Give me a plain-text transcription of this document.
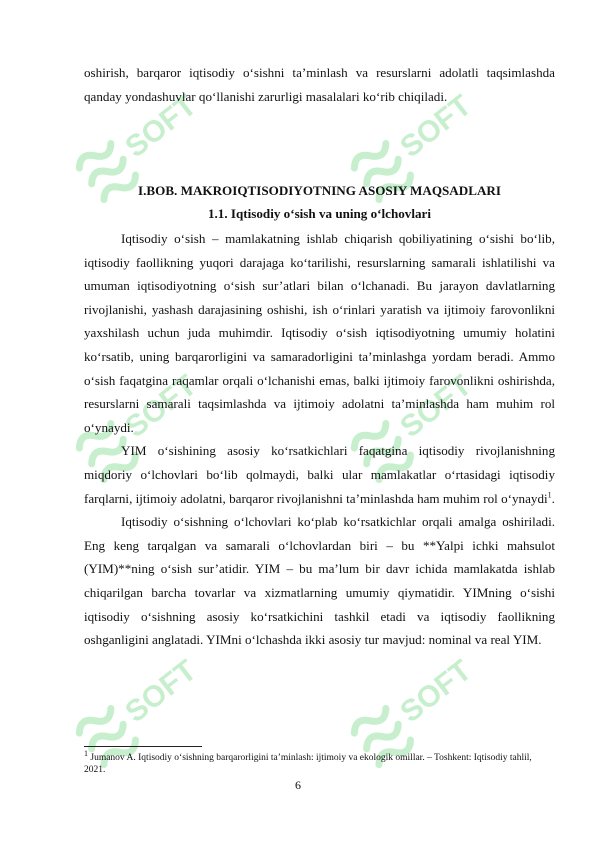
SOFT	SOFT
SOFT	SOFT
SOFT	SOFT

oshirish, barqaror iqtisodiy o‘sishni ta’minlash va resurslarni adolatli taqsimlashda qanday yondashuvlar qo‘llanishi zarurligi masalalari ko‘rib chiqiladi.

I.BOB. MAKROIQTISODIYOTNING ASOSIY MAQSADLARI
1.1. Iqtisodiy o‘sish va uning o‘lchovlari

Iqtisodiy o‘sish – mamlakatning ishlab chiqarish qobiliyatining o‘sishi bo‘lib, iqtisodiy faollikning yuqori darajaga ko‘tarilishi, resurslarning samarali ishlatilishi va umuman iqtisodiyotning o‘sish sur’atlari bilan o‘lchanadi. Bu jarayon davlatlarning rivojlanishi, yashash darajasining oshishi, ish o‘rinlari yaratish va ijtimoiy farovonlikni yaxshilash uchun juda muhimdir. Iqtisodiy o‘sish iqtisodiyotning umumiy holatini ko‘rsatib, uning barqarorligini va samaradorligini ta’minlashga yordam beradi. Ammo o‘sish faqatgina raqamlar orqali o‘lchanishi emas, balki ijtimoiy farovonlikni oshirishda, resurslarni samarali taqsimlashda va ijtimoiy adolatni ta’minlashda ham muhim rol o‘ynaydi.

YIM o‘sishining asosiy ko‘rsatkichlari faqatgina iqtisodiy rivojlanishning miqdoriy o‘lchovlari bo‘lib qolmaydi, balki ular mamlakatlar o‘rtasidagi iqtisodiy farqlarni, ijtimoiy adolatni, barqaror rivojlanishni ta’minlashda ham muhim rol o‘ynaydi$^1$.

Iqtisodiy o‘sishning o‘lchovlari ko‘plab ko‘rsatkichlar orqali amalga oshiriladi. Eng keng tarqalgan va samarali o‘lchovlardan biri – bu **Yalpi ichki mahsulot (YIM)**ning o‘sish sur’atidir. YIM – bu ma’lum bir davr ichida mamlakatda ishlab chiqarilgan barcha tovarlar va xizmatlarning umumiy qiymatidir. YIMning o‘sishi iqtisodiy o‘sishning asosiy ko‘rsatkichini tashkil etadi va iqtisodiy faollikning oshganligini anglatadi. YIMni o‘lchashda ikki asosiy tur mavjud: nominal va real YIM.

$^1$ Jumanov A. Iqtisodiy o‘sishning barqarorligini ta’minlash: ijtimoiy va ekologik omillar. – Toshkent: Iqtisodiy tahlil, 2021.
6
